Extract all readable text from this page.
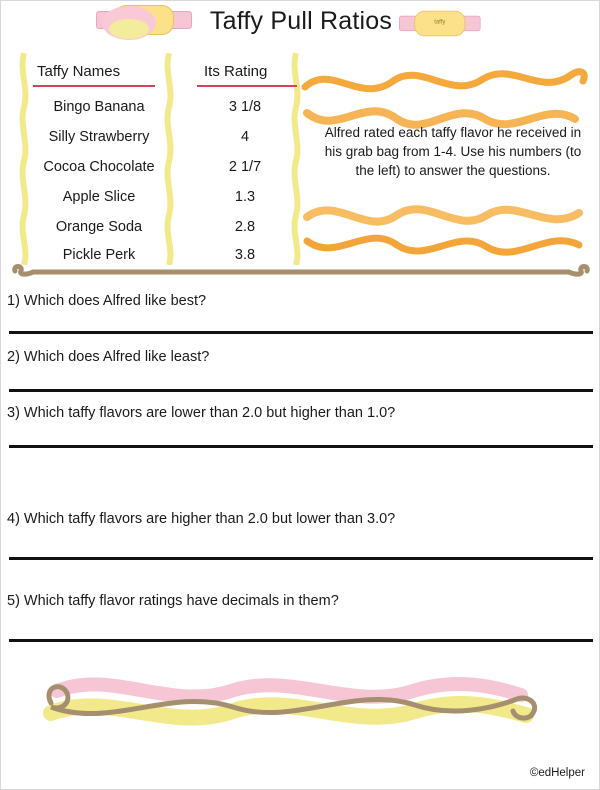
Taffy Pull Ratios	taffy
Taffy Names	Its Rating
Bingo Banana	3 1/8
Silly Strawberry	4
Cocoa Chocolate	2 1/7
Apple Slice	1.3
Orange Soda	2.8
Pickle Perk	3.8
Alfred rated each taffy flavor he received in his grab bag from 1-4. Use his numbers (to the left) to answer the questions.
1) Which does Alfred like best?
2) Which does Alfred like least?
3) Which taffy flavors are lower than 2.0 but higher than 1.0?
4) Which taffy flavors are higher than 2.0 but lower than 3.0?
5) Which taffy flavor ratings have decimals in them?
©edHelper
